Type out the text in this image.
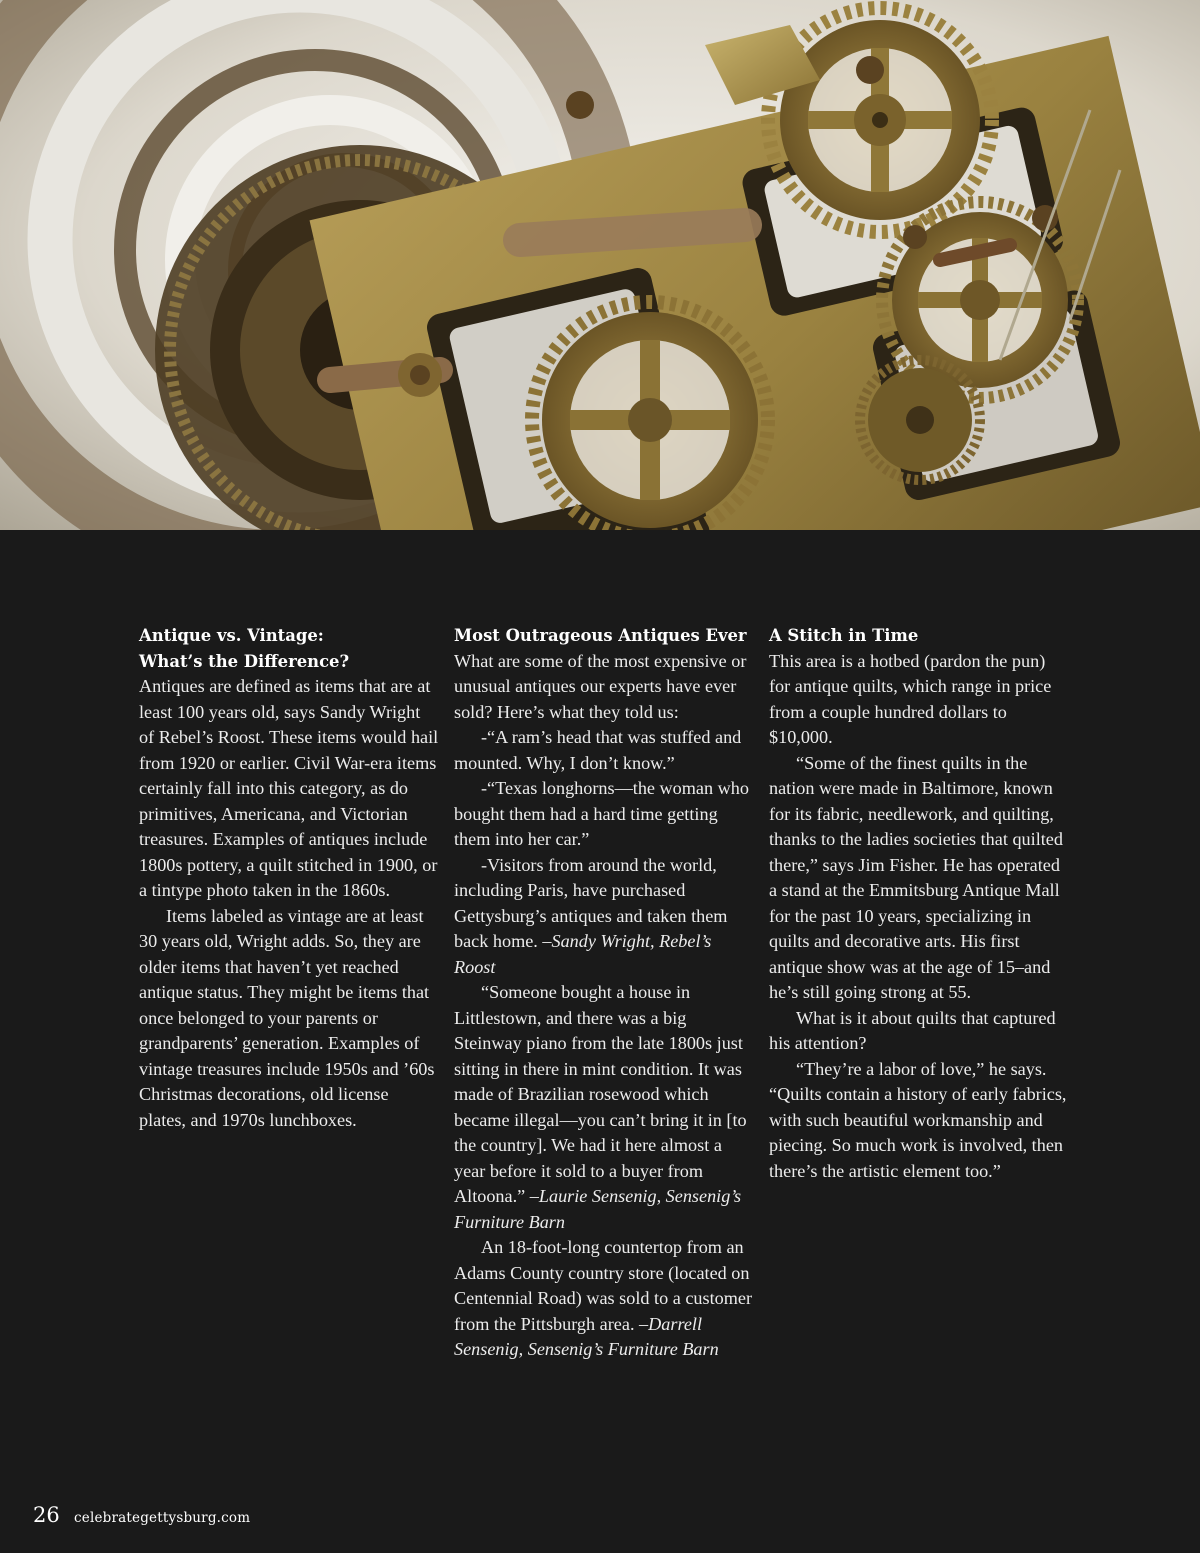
Antique vs. Vintage:
What’s the Difference?

Antiques are defined as items that are at least 100 years old, says Sandy Wright of Rebel’s Roost. These items would hail from 1920 or earlier. Civil War-era items certainly fall into this category, as do primitives, Americana, and Victorian treasures. Examples of antiques include 1800s pottery, a quilt stitched in 1900, or a tintype photo taken in the 1860s.

Items labeled as vintage are at least 30 years old, Wright adds. So, they are older items that haven’t yet reached antique status. They might be items that once belonged to your parents or grandparents’ generation. Examples of vintage treasures include 1950s and ’60s Christmas decorations, old license plates, and 1970s lunchboxes.

Most Outrageous Antiques Ever

What are some of the most expensive or unusual antiques our experts have ever sold? Here’s what they told us:

-“A ram’s head that was stuffed and mounted. Why, I don’t know.”

-“Texas longhorns—the woman who bought them had a hard time getting them into her car.”

-Visitors from around the world, including Paris, have purchased Gettysburg’s antiques and taken them back home. –Sandy Wright, Rebel’s Roost

“Someone bought a house in Littlestown, and there was a big Steinway piano from the late 1800s just sitting in there in mint condition. It was made of Brazilian rosewood which became illegal—you can’t bring it in [to the country]. We had it here almost a year before it sold to a buyer from Altoona.” –Laurie Sensenig, Sensenig’s Furniture Barn

An 18-foot-long countertop from an Adams County country store (located on Centennial Road) was sold to a customer from the Pittsburgh area. –Darrell Sensenig, Sensenig’s Furniture Barn

A Stitch in Time

This area is a hotbed (pardon the pun) for antique quilts, which range in price from a couple hundred dollars to $10,000.

“Some of the finest quilts in the nation were made in Baltimore, known for its fabric, needlework, and quilting, thanks to the ladies societies that quilted there,” says Jim Fisher. He has operated a stand at the Emmitsburg Antique Mall for the past 10 years, specializing in quilts and decorative arts. His first antique show was at the age of 15–and he’s still going strong at 55.

What is it about quilts that captured his attention?

“They’re a labor of love,” he says. “Quilts contain a history of early fabrics, with such beautiful workmanship and piecing. So much work is involved, then there’s the artistic element too.”

26 celebrategettysburg.com
